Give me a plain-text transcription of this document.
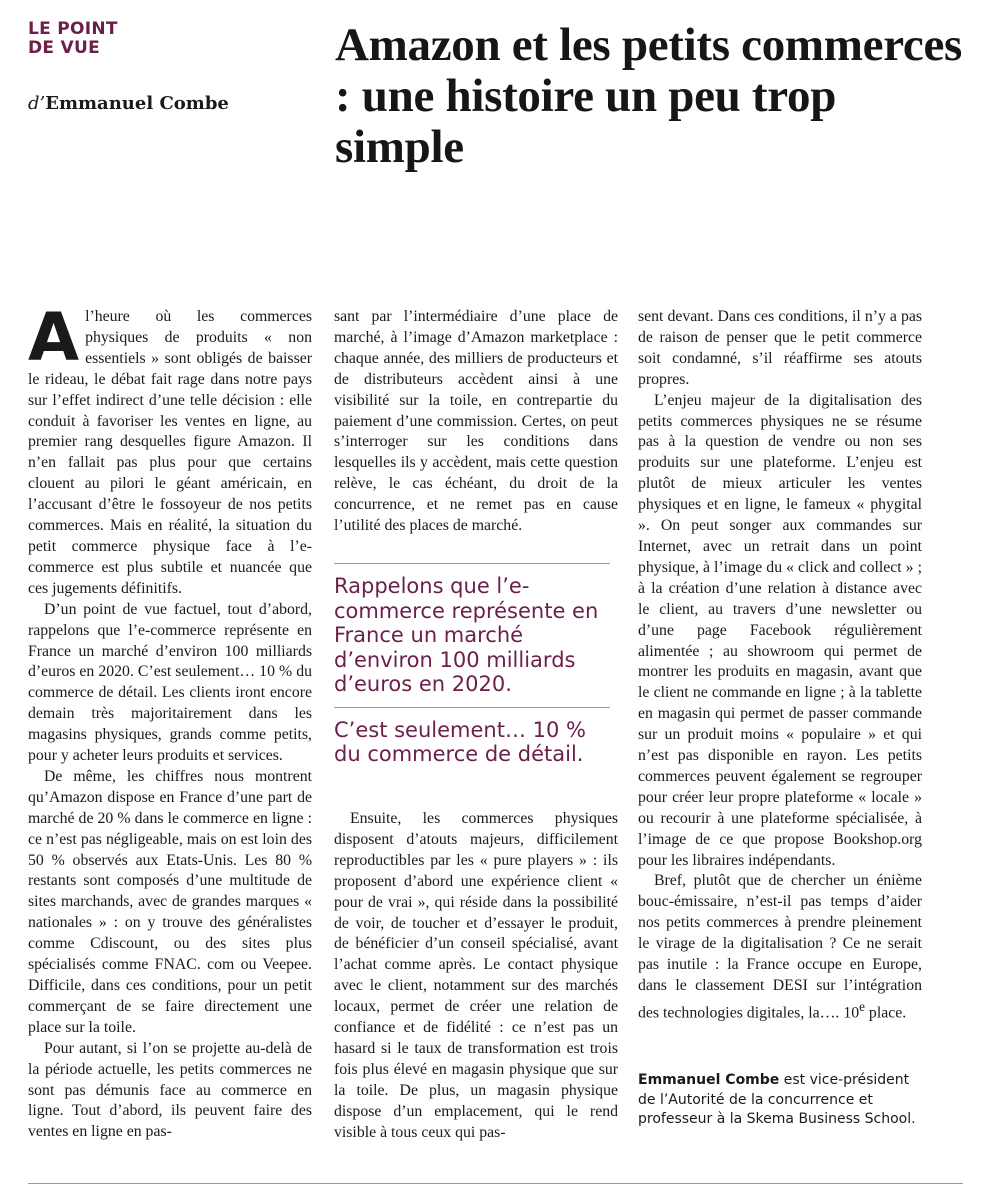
LE POINT
DE VUE
d’Emmanuel Combe
Amazon et les petits commerces : une histoire un peu trop simple

Al’heure où les commerces physiques de produits « non essentiels » sont obligés de baisser le rideau, le débat fait rage dans notre pays sur l’effet indirect d’une telle décision : elle conduit à favoriser les ventes en ligne, au premier rang desquelles figure Amazon. Il n’en fallait pas plus pour que certains clouent au pilori le géant américain, en l’accusant d’être le fossoyeur de nos petits commerces. Mais en réalité, la situation du petit commerce physique face à l’e-commerce est plus subtile et nuancée que ces jugements définitifs.

D’un point de vue factuel, tout d’abord, rappelons que l’e-commerce représente en France un marché d’environ 100 milliards d’euros en 2020. C’est seulement… 10 % du commerce de détail. Les clients iront encore demain très majoritairement dans les magasins physiques, grands comme petits, pour y acheter leurs produits et services.

De même, les chiffres nous montrent qu’Amazon dispose en France d’une part de marché de 20 % dans le commerce en ligne : ce n’est pas négligeable, mais on est loin des 50 % observés aux Etats-Unis. Les 80 % restants sont composés d’une multitude de sites marchands, avec de grandes marques « nationales » : on y trouve des généralistes comme Cdiscount, ou des sites plus spécialisés comme FNAC. com ou Veepee. Difficile, dans ces conditions, pour un petit commerçant de se faire directement une place sur la toile.

Pour autant, si l’on se projette au-delà de la période actuelle, les petits commerces ne sont pas démunis face au commerce en ligne. Tout d’abord, ils peuvent faire des ventes en ligne en pas-

sant par l’intermédiaire d’une place de marché, à l’image d’Amazon marketplace : chaque année, des milliers de producteurs et de distributeurs accèdent ainsi à une visibilité sur la toile, en contrepartie du paiement d’une commission. Certes, on peut s’interroger sur les conditions dans lesquelles ils y accèdent, mais cette question relève, le cas échéant, du droit de la concurrence, et ne remet pas en cause l’utilité des places de marché.

Rappelons que l’e-commerce représente en France un marché d’environ 100 milliards d’euros en 2020.
C’est seulement… 10 % du commerce de détail.

Ensuite, les commerces physiques disposent d’atouts majeurs, difficilement reproductibles par les « pure players » : ils proposent d’abord une expérience client « pour de vrai », qui réside dans la possibilité de voir, de toucher et d’essayer le produit, de bénéficier d’un conseil spécialisé, avant l’achat comme après. Le contact physique avec le client, notamment sur des marchés locaux, permet de créer une relation de confiance et de fidélité : ce n’est pas un hasard si le taux de transformation est trois fois plus élevé en magasin physique que sur la toile. De plus, un magasin physique dispose d’un emplacement, qui le rend visible à tous ceux qui pas-

sent devant. Dans ces conditions, il n’y a pas de raison de penser que le petit commerce soit condamné, s’il réaffirme ses atouts propres.

L’enjeu majeur de la digitalisation des petits commerces physiques ne se résume pas à la question de vendre ou non ses produits sur une plateforme. L’enjeu est plutôt de mieux articuler les ventes physiques et en ligne, le fameux « phygital ». On peut songer aux commandes sur Internet, avec un retrait dans un point physique, à l’image du « click and collect » ; à la création d’une relation à distance avec le client, au travers d’une newsletter ou d’une page Facebook régulièrement alimentée ; au showroom qui permet de montrer les produits en magasin, avant que le client ne commande en ligne ; à la tablette en magasin qui permet de passer commande sur un produit moins « populaire » et qui n’est pas disponible en rayon. Les petits commerces peuvent également se regrouper pour créer leur propre plateforme « locale » ou recourir à une plateforme spécialisée, à l’image de ce que propose Bookshop.org pour les libraires indépendants.

Bref, plutôt que de chercher un énième bouc-émissaire, n’est-il pas temps d’aider nos petits commerces à prendre pleinement le virage de la digitalisation ? Ce ne serait pas inutile : la France occupe en Europe, dans le classement DESI sur l’intégration des technologies digitales, la…. 10e place.

Emmanuel Combe est vice-président de l’Autorité de la concurrence et professeur à la Skema Business School.
